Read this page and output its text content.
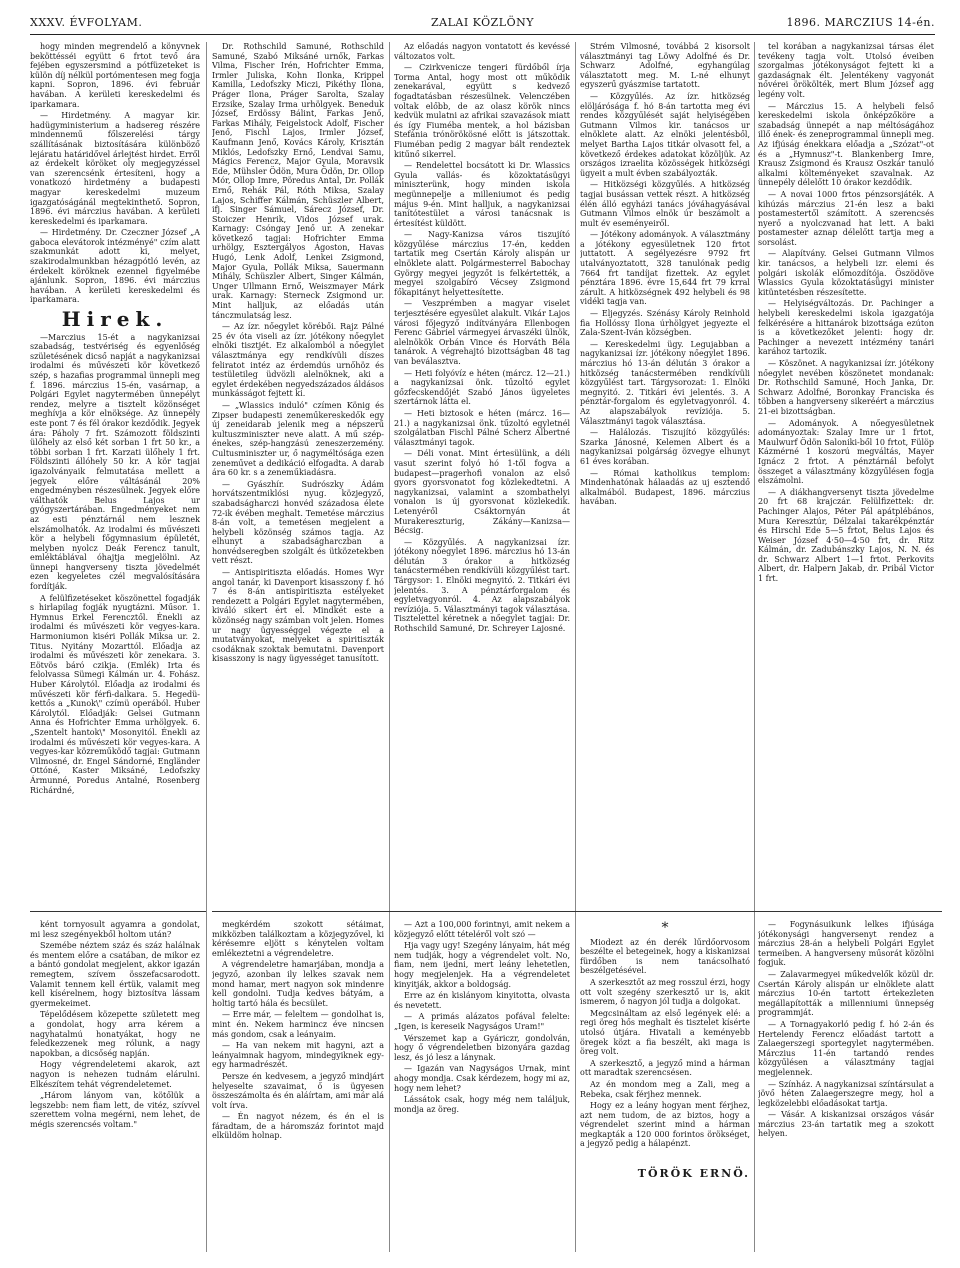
XXXV. ÉVFOLYAM.	ZALAI KÖZLÖNY	1896. MARCZIUS 14-én.

hogy minden megrendelő a könyvnek beköttésséi együtt 6 frtot tevő ára fejében egyszersmind a pótfüzeteket is külön díj nélkül portómentesen meg fogja kapni. Sopron, 1896. évi február havában. A kerületi kereskedelmi és iparkamara.

— Hirdetmény. A magyar kir. hadügyministerium a hadsereg részére mindennemű főlszerelési tárgy szállításának biztosítására különböző lejáratu határidővel árlejtést hirdet. Erről az érdekelt köröket oly megjegyzéssel van szerencsénk értesíteni, hogy a vonatkozó hirdetmény a budapesti magyar kereskedelmi muzeum igazgatóságánál megtekinthető. Sopron, 1896. évi márczius havában. A kerületi kereskedelmi és iparkamara.

— Hirdetmény. Dr. Czeczner József „A gaboca elevátorok intézményé" czím alatt szakmunkát adott ki, melyet, szakirodalmunkban hézagpótló levén, az érdekelt köröknek ezennel figyelmébe ajánlunk. Sopron, 1896. évi márczius havában. A kerületi kereskedelmi és iparkamara.

Hirek.

—Marczius 15-ét a nagykanizsai szabadság, testvériség és egyenlőség születésének dicső napját a nagykanizsai irodalmi és művészeti kör következő szép, s hazafias programmal ünnepli meg f. 1896. márczius 15-én, vasárnap, a Polgári Egylet nagytermében ünnepélyt rendez, melyre a tisztelt közönséget meghívja a kör elnöksége. Az ünnepély este pont 7 és fél órakor kezdődik. Jegyek ára: Páholy 7 frt. Számozott földszinti ülőhely az első két sorban 1 frt 50 kr., a többi sorban 1 frt. Karzati ülőhely 1 frt. Földszinti állóhely 50 kr. A kör tagjai igazolványaik felmutatása mellett a jegyek előre váltásánál 20% engedményben részesülnek. Jegyek előre válthatók Belus Lajos ur gyógyszertárában. Engedményeket nem az esti pénztárnál nem lesznek elszámolhatók. Az irodalmi és művészeti kör a helybeli főgymnasium épületét, melyben nyolcz Deák Ferencz tanult, emléktáblával óhajtja megjelölni. Az ünnepi hangverseny tiszta jövedelmét ezen kegyeletes czél megvalósítására fordítják.

A felülfizetéseket köszönettel fogadják s hirlapilag fogják nyugtázni. Műsor. 1. Hymnus Erkel Ferencztől. Énekli az irodalmi és művészeti kör vegyes-kara. Harmoniumon kiséri Pollák Miksa ur. 2. Titus. Nyitány Mozarttól. Előadja az irodalmi és művészeti kör zenekara. 3. Eötvös báró czikja. (Emlék) Irta és felolvassa Sümegi Kálmán ur. 4. Fohász. Huber Károlytól. Előadja az irodalmi és művészeti kör férfi-dalkara. 5. Hegedü-kettős a „Kunok\" czímü operából. Huber Károlytól. Előadják: Gelsei Gutmann Anna és Hofrichter Emma urhölgyek. 6. „Szentelt hantok\" Mosonyitól. Énekli az irodalmi és művészeti kör vegyes-kara. A vegyes-kar közreműködő tagjai: Gutmann Vilmosné, dr. Engel Sándorné, Engländer Ottóné, Kaster Miksáné, Ledofszky Ármunné, Poredus Antalné, Rosenberg Richárdné,

Dr. Rothschild Samuné, Rothschild Samuné, Szabó Miksáné urnők, Farkas Vilma, Fischer Irén, Hofrichter Emma, Irmler Juliska, Kohn Ilonka, Krippel Kamilla, Ledofszky Miczi, Pikéthy Ilona, Práger Ilona, Práger Sarolta, Szalay Erzsike, Szalay Irma urhölgyek. Beneduk József, Erdössy Bálint, Farkas Jenő, Farkas Mihály, Feigelstock Adolf, Fischer Jenő, Fischl Lajos, Irmler József, Kaufmann Jenő, Kovács Károly, Krisztán Miklós, Ledofszky Ernő, Lendvai Samu, Mágics Ferencz, Major Gyula, Moravsik Ede, Mühsler Ödön, Mura Ödön, Dr. Ollop Mór, Ollop Imre, Pöredus Antal, Dr. Pollák Ernő, Rehák Pál, Róth Miksa, Szalay Lajos, Schiffer Kálmán, Schüszler Albert, ifj. Singer Sámuel, Sárecz József, Dr. Stoiczer Henrik, Vidos József urak. Karnagy: Csóngay Jenő ur. A zenekar következő tagjai: Hofrichter Emma urhölgy, Esztergályos Ágoston, Havas Hugó, Lenk Adolf, Lenkei Zsigmond, Major Gyula, Pollák Miksa, Sauermann Mihály, Schüszler Albert, Singer Kálmán, Unger Ullmann Ernő, Weiszmayer Márk urak. Karnagy: Sterneck Zsigmond ur. Mint halljuk, az előadás után tánczmulatság lesz.

— Az ízr. nőegylet körébői. Rajz Pálné 25 év óta viseli az ízr. jótékony nőegylet elnöki tisztjét. Ez alkalomból a nőegylet választmánya egy rendkívüli díszes feliratot intéz az érdemdús urnőhöz és testületileg üdvözli alelnöknek, aki a egylet érdekében negyedszázados áldásos munkásságot fejtett ki.

— „Wlassics induló" czímen König és Zipser budapesti zeneműkereskedők egy új zeneidarab jelenik meg a népszerű kultuszminiszter neve alatt. A mű szép-énekes, szép-hangzású zeneszerzemény. Cultusminiszter ur, ő nagyméltósága ezen zeneművet a dedikáció elfogadta. A darab ára 60 kr. s a zeneműkiadásra.

— Gyászhír. Sudrószky Ádám horvátszentmiklósi nyug. közjegyző, szabadságharczi honvéd századosa élete 72-ik évében meghalt. Temetése márczius 8-án volt, a temetésen megjelent a helybeli közönség számos tagja. Az elhunyt a szabadságharczban a honvédseregben szolgált és ütközetekben vett részt.

— Antispiritiszta előadás. Homes Wyr angol tanár, ki Davenport kisasszony f. hó 7 és 8-án antispiritiszta estélyeket rendezett a Polgári Egylet nagytermében, kiváló sikert ért el. Mindkét este a közönség nagy számban volt jelen. Homes ur nagy ügyességgel végezte el a mutatványokat, melyeket a spiritiszták csodáknak szoktak bemutatni. Davenport kisasszony is nagy ügyességet tanusított.

Az előadás nagyon vontatott és kevéssé változatos volt.

— Czirkvenicze tengeri fürdőből írja Torma Antal, hogy most ott működik zenekarával, együtt s kedvező fogadtatásban részesülnek. Velenczében voltak előbb, de az olasz körök nincs kedvük mulatni az afrikai szavazások miatt és így Fiuméba mentek, a hol bázisban Stefánia trónörökösné előtt is játszottak. Fiuméban pedig 2 magyar bált rendeztek kitűnő sikerrel.

— Rendelettel bocsátott ki Dr. Wlassics Gyula vallás- és közoktatásügyi miniszterünk, hogy minden iskola megünnepelje a milleniumot és pedig május 9-én. Mint halljuk, a nagykanizsai tanítótestület a városi tanácsnak is értesítést küldött.

— Nagy-Kanizsa város tiszujító közgyűlése márczius 17-én, kedden tartatik meg Csertán Károly alispán ur elnöklete alatt. Polgármesterrel Babochay György megyei jegyzőt is felkértették, a megyei szolgabíró Vécsey Zsigmond főkapitányt helyettesítette.

— Veszprémben a magyar viselet terjesztésére egyesület alakult. Vikár Lajos városi főjegyző indítványára Ellenbogen Ferenc Gábriel vármegyei árvaszéki ülnök, alelnökök Orbán Vince és Horváth Béla tanárok. A végrehajtó bizottságban 48 tag van beválasztva.

— Heti folyóvíz e héten (márcz. 12—21.) a nagykanizsai önk. tűzoltó egylet gőzfecskendőjét Szabó János ügyeletes szertárnok látta el.

— Heti biztosok e héten (márcz. 16—21.) a nagykanizsai önk. tűzoltó egyletnél szolgálatban Fischl Pálné Scherz Albertné választmányi tagok.

— Déli vonat. Mint értesülünk, a déli vasut szerint folyó hó 1-től fogva a budapest—pragerhofi vonalon az első gyors gyorsvonatot fog közlekedtetni. A nagykanizsai, valamint a szombathelyi vonalon is új gyorsvonat közlekedik. Letenyéről Csáktornyán át Murakereszturig, Zákány—Kanizsa—Bécsig.

— Közgyűlés. A nagykanizsai ízr. jótékony nőegylet 1896. márczius hó 13-án délután 3 órakor a hitközség tanácstermében rendkívüli közgyűlést tart. Tárgysor: 1. Elnöki megnyitó. 2. Titkári évi jelentés. 3. A pénztárforgalom és egyletvagyonról. 4. Az alapszabályok revíziója. 5. Választmányi tagok választása. Tisztelettel kéretnek a nőegylet tagjai: Dr. Rothschild Samuné, Dr. Schreyer Lajosné.

Strém Vilmosné, továbbá 2 kisorsolt választmányi tag Löwy Adolfné és Dr. Schwarz Adolfné, egyhangúlag választatott meg. M. L-né elhunyt egyszerű gyászmise tartatott.

— Közgyűlés. Az ízr. hitközség elöljárósága f. hó 8-án tartotta meg évi rendes közgyűlését saját helyiségében Gutmann Vilmos kir. tanácsos ur elnöklete alatt. Az elnöki jelentésből, melyet Bartha Lajos titkár olvasott fel, a következő érdekes adatokat közöljük. Az országos izraelita közösségek hitközségi ügyeit a mult évben szabályozták.

— Hitközségi közgyűlés. A hitközség tagjai busássan vettek részt. A hitközség élén álló egyházi tanács jóváhagyásával Gutmann Vilmos elnök úr beszámolt a mult év eseményeiről.

— Jótékony adományok. A választmány a jótékony egyesületnek 120 frtot juttatott. A segélyezésre 9792 frt utalványoztatott, 328 tanulónak pedig 7664 frt tandíjat fizettek. Az egylet pénztára 1896. évre 15,644 frt 79 krral zárult. A hitközségnek 492 helybeli és 98 vidéki tagja van.

— Eljegyzés. Szénásy Károly Reinhold fia Hollóssy Ilona úrhölgyet jegyezte el Zala-Szent-Iván községben.

— Kereskedelmi ügy. Legujabban a nagykanizsai ízr. jótékony nőegylet 1896. márczius hó 13-án délután 3 órakor a hitközség tanácstermében rendkívüli közgyűlést tart. Tárgysorozat: 1. Elnöki megnyitó. 2. Titkári évi jelentés. 3. A pénztár-forgalom és egyletvagyonról. 4. Az alapszabályok revíziója. 5. Választmányi tagok választása.

— Halálozás. Tiszujító közgyűlés: Szarka Jánosné, Kelemen Albert és a nagykanizsai polgárság özvegye elhunyt 61 éves korában.

— Római katholikus templom: Mindenhatónak hálaadás az uj esztendő alkalmából. Budapest, 1896. márczius havában.

tel korában a nagykanizsai társas élet tevékeny tagja volt. Utolsó éveiben szorgalmas jótékonyságot fejtett ki a gazdaságnak élt. Jelentékeny vagyonát nővérei örökölték, mert Blum József agg legény volt.

— Márczius 15. A helybeli felső kereskedelmi iskola önképzőköre a szabadság ünnepét a nap méltóságához illő ének- és zeneprogrammal ünnepli meg. Az ifjúság énekkara előadja a „Szózat"-ot és a „Hymnusz"-t. Blankenberg Imre, Krausz Zsigmond és Krausz Oszkár tanuló alkalmi költeményeket szavalnak. Az ünnepély délelőtt 10 órakor kezdődik.

— A novai 1000 frtos pénzsorsjáték. A kihúzás márczius 21-én lesz a baki postamestertől számított. A szerencsés nyerő a nyolczvanad hat lett. A baki postamester aznap délelőtt tartja meg a sorsolást.

— Alapítvány. Gelsei Gutmann Vilmos kir. tanácsos, a helybeli izr. elemi és polgári iskolák előmozdítója. Öszödöve Wlassics Gyula közoktatásügyi minister kitüntetésben részesítette.

— Helyiségváltozás. Dr. Pachinger a helybeli kereskedelmi iskola igazgatója felkérésére a hittanárok bizottsága ezúton is a következőket jelenti: hogy dr. Pachinger a nevezett intézmény tanári karához tartozik.

— Köszönet. A nagykanizsai ízr. jótékony nőegylet nevében köszönetet mondanak: Dr. Rothschild Samuné, Hoch Janka, Dr. Schwarz Adolfné, Boronkay Franciska és többen a hangverseny sikeréért a márczius 21-ei bizottságban.

— Adományok. A nőegyesületnek adományoztak: Szalay Imre ur 1 frtot, Maulwurf Ödön Saloniki-ből 10 frtot, Fülöp Kázmérné 1 koszorú megváltás, Mayer Ignácz 2 frtot. A pénztárnál befolyt összeget a választmány közgyűlésen fogja elszámolni.

— A diákhangversenyt tiszta jövedelme 20 frt 68 krajczár. Felülfizettek: dr. Pachinger Alajos, Péter Pál apátplébános, Mura Keresztúr, Délzalai takarékpénztár és Hirschl Ede 5—5 frtot, Belus Lajos és Weiser József 4·50—4·50 frt, dr. Ritz Kálmán, dr. Zadubánszky Lajos, N. N. és dr. Schwarz Albert 1—1 frtot. Perkovits Albert, dr. Halpern Jakab, dr. Pribál Victor 1 frt.

ként tornyosult agyamra a gondolat, mi lesz szegényekből holtom után?

Szemébe néztem száz és száz halálnak és mentem előre a csatában, de mikor ez a bántó gondolat megjelent, akkor igazán remegtem, szívem összefacsarodott. Valamit tennem kell értük, valamit meg kell kísérelnem, hogy biztosítva lássam gyermekeimet.

Tépelődésem közepette született meg a gondolat, hogy arra kérem a nagyhatalmú honatyákat, hogy ne feledkezzenek meg rólunk, a nagy napokban, a dicsőség napján.

Hogy végrendeletemi akarok, azt nagyon is nehezen tudnám elárulni. Elkészítem tehát végrendeletemet.

„Három lányom van, kötőlük a legszebb: nem fiam lett, de vitéz, szívvel szerettem volna megérni, nem lehet, de mégis szerencsés voltam."

megkérdém szokott sétáimat, mikközben találkoztam a közjegyzővel, ki kérésemre eljött s kénytelen voltam emlékeztetni a végrendeletre.

A végrendeletre hamarjában, mondja a jegyző, azonban ily lelkes szavak nem mond hamar, mert nagyon sok mindenre kell gondolni. Tudja kedves bátyám, a holtig tartó hála és becsület.

— Erre már, — feleltem — gondolhat is, mint én. Nekem harmincz éve nincsen más gondom, csak a leányaim.

— Ha van nekem mit hagyni, azt a leányaimnak hagyom, mindegyiknek egy-egy harmadrészét.

Persze én kedvesem, a jegyző mindjárt helyeselte szavaimat, ő is ügyesen összeszámolta és én aláírtam, ami már alá volt írva.

— Én nagyot nézem, és én el is fáradtam, de a háromszáz forintot majd elküldöm holnap.

— Azt a 100,000 forintnyi, amit nekem a közjegyző előtt tételéről volt szó —

Hja vagy ugy! Szegény lányaim, hát még nem tudják, hogy a végrendelet volt. No, fiam, nem ijedni, mert leány lehetetlen, hogy megjelenjek. Ha a végrendeletet kinyitják, akkor a boldogság.

Erre az én kislányom kinyitotta, olvasta és nevetett.

— A primás alázatos pofával felelte: „Igen, is kereseik Nagyságos Uram!"

Vérszemet kap a Gyáriczr, gondolván, hogy ő végrendeletben bizonyára gazdag lesz, és jó lesz a lánynak.

— Igazán van Nagyságos Urnak, mint ahogy mondja. Csak kérdezem, hogy mi az, hogy nem lehet?

Lássátok csak, hogy még nem találjuk, mondja az öreg.

*

Miodezt az én derék lűrdőorvosom beszélte el betegeinek, hogy a kiskanizsai fürdőben is nem tanácsolható beszélgetésével.

A szerkesztőt az meg rosszul érzi, hogy ott volt szegény szerkesztő ur is, akit ismerem, ő nagyon jól tudja a dolgokat.

Megcsináltam az első legények elé: a regi öreg hős meghalt és tisztelet kísérte utolsó útjára. Hivatali a keményebb öregek közt a fia beszélt, aki maga is öreg volt.

A szerkesztő, a jegyző mind a hárman ott maradtak szerencsésen.

Az én mondom meg a Zali, meg a Rebeka, csak férjhez mennek.

Hogy ez a leány hogyan ment férjhez, azt nem tudom, de az biztos, hogy a végrendelet szerint mind a hárman megkapták a 120 000 forintos örökséget, a jegyző pedig a hálapénzt.

TÖRÖK ERNÖ.

— Fogynásuikunk lelkes ifjúsága jótékonysági hangversenyt rendez a márczius 28-án a helybeli Polgári Egylet termeiben. A hangverseny műsorát közölni fogjuk.

— Zalavarmegyei műkedvelők közül dr. Csertán Károly alispán ur elnöklete alatt márczius 10-én tartott értekezleten megállapították a millenniumi ünnepség programmját.

— A Tornagyakorló pedig f. hó 2-án és Hertelendy Ferencz előadást tartott a Zalaegerszegi sportegylet nagytermében. Márczius 11-én tartandó rendes közgyűlésen a választmány tagjai megjelennek.

— Színház. A nagykanizsai színtársulat a jövő héten Zalaegerszegre megy, hol a legközelebbi előadásokat tartja.

— Vásár. A kiskanizsai országos vásár márczius 23-án tartatik meg a szokott helyen.
